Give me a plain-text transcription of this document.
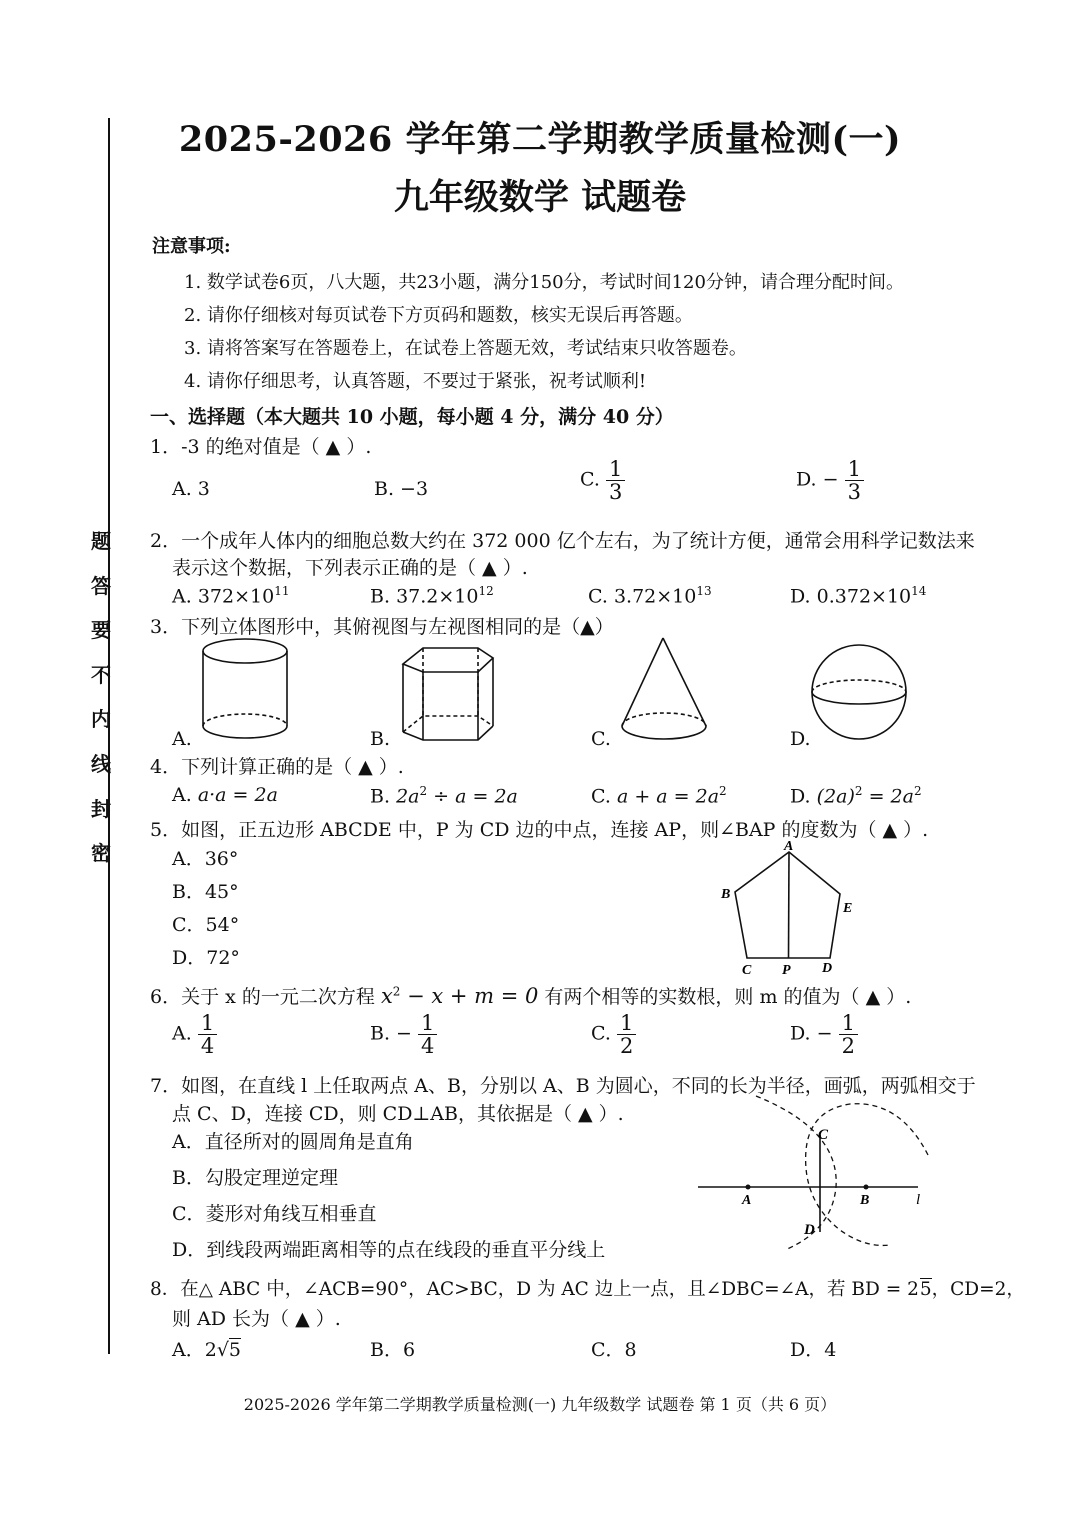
题
答
要
不
内
线
封
密
2025-2026 学年第二学期教学质量检测(一)
九年级数学 试题卷
注意事项:
1. 数学试卷6页，八大题，共23小题，满分150分，考试时间120分钟，请合理分配时间。
2. 请你仔细核对每页试卷下方页码和题数，核实无误后再答题。
3. 请将答案写在答题卷上，在试卷上答题无效，考试结束只收答题卷。
4. 请你仔细思考，认真答题，不要过于紧张，祝考试顺利!
一、选择题（本大题共 10 小题，每小题 4 分，满分 40 分）
1．-3 的绝对值是（ ▲ ）.
A. 3	B. −3	C. $\frac{1}{3}$	D. − $\frac{1}{3}$
2．一个成年人体内的细胞总数大约在 372 000 亿个左右，为了统计方便，通常会用科学记数法来
表示这个数据，下列表示正确的是（ ▲ ）.
A. $372\times 10^{11}$	B. $37.2\times 10^{12}$	C. $3.72\times 10^{13}$	D. $0.372\times 10^{14}$
3．下列立体图形中，其俯视图与左视图相同的是（▲）
A.	B.	C.	D.
4．下列计算正确的是（ ▲ ）.
A. a·a = 2a	B. $2a^2 \div a = 2a$	C. $a + a = 2a^2$	D. $(2a)^2 = 2a^2$
5．如图，正五边形 ABCDE 中，P 为 CD 边的中点，连接 AP，则∠BAP 的度数为（ ▲ ）.
A．36°
B．45°
C．54°
D．72°
A
B
E
C P D
6．关于 x 的一元二次方程 $x^2 - x + m = 0$ 有两个相等的实数根，则 m 的值为（ ▲ ）.
A. $\frac{1}{4}$	B. − $\frac{1}{4}$	C. $\frac{1}{2}$	D. − $\frac{1}{2}$
7．如图，在直线 l 上任取两点 A、B，分别以 A、B 为圆心，不同的长为半径，画弧，两弧相交于
点 C、D，连接 CD，则 CD⊥AB，其依据是（ ▲ ）.
A．直径所对的圆周角是直角
B．勾股定理逆定理
C．菱形对角线互相垂直
D．到线段两端距离相等的点在线段的垂直平分线上
A	B
C
D
l
8．在△ ABC 中，∠ACB=90°，AC>BC，D 为 AC 边上一点，且∠DBC=∠A，若 BD = 25，CD=2，
则 AD 长为（ ▲ ）.
A．2√5	B．6	C．8	D．4
2025-2026 学年第二学期教学质量检测(一) 九年级数学 试题卷 第 1 页（共 6 页）
